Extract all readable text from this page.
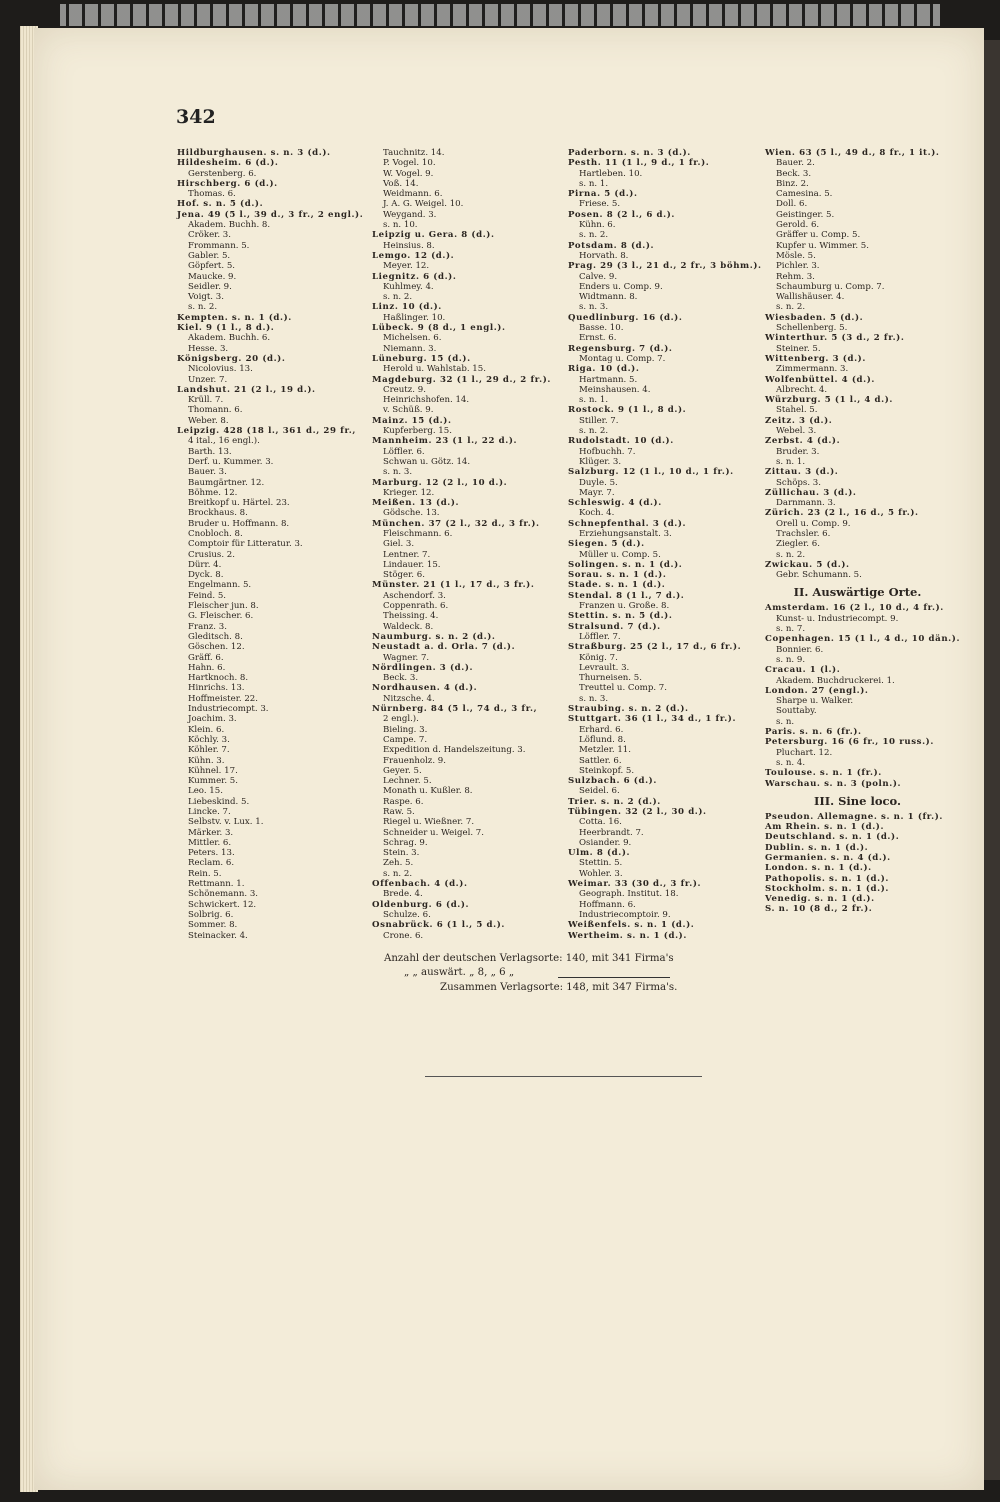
342
Hildburghausen. s. n. 3 (d.).
Hildesheim. 6 (d.).
Gerstenberg. 6.
Hirschberg. 6 (d.).
Thomas. 6.
Hof. s. n. 5 (d.).
Jena. 49 (5 l., 39 d., 3 fr., 2 engl.).
Akadem. Buchh. 8.
Cröker. 3.
Frommann. 5.
Gabler. 5.
Göpfert. 5.
Maucke. 9.
Seidler. 9.
Voigt. 3.
s. n. 2.
Kempten. s. n. 1 (d.).
Kiel. 9 (1 l., 8 d.).
Akadem. Buchh. 6.
Hesse. 3.
Königsberg. 20 (d.).
Nicolovius. 13.
Unzer. 7.
Landshut. 21 (2 l., 19 d.).
Krüll. 7.
Thomann. 6.
Weber. 8.
Leipzig. 428 (18 l., 361 d., 29 fr.,
4 ital., 16 engl.).
Barth. 13.
Derf. u. Kummer. 3.
Bauer. 3.
Baumgärtner. 12.
Böhme. 12.
Breitkopf u. Härtel. 23.
Brockhaus. 8.
Bruder u. Hoffmann. 8.
Cnobloch. 8.
Comptoir für Litteratur. 3.
Crusius. 2.
Dürr. 4.
Dyck. 8.
Engelmann. 5.
Feind. 5.
Fleischer jun. 8.
G. Fleischer. 6.
Franz. 3.
Gleditsch. 8.
Göschen. 12.
Gräff. 6.
Hahn. 6.
Hartknoch. 8.
Hinrichs. 13.
Hoffmeister. 22.
Industriecompt. 3.
Joachim. 3.
Klein. 6.
Köchly. 3.
Köhler. 7.
Kühn. 3.
Kühnel. 17.
Kummer. 5.
Leo. 15.
Liebeskind. 5.
Lincke. 7.
Selbstv. v. Lux. 1.
Märker. 3.
Mittler. 6.
Peters. 13.
Reclam. 6.
Rein. 5.
Rettmann. 1.
Schönemann. 3.
Schwickert. 12.
Solbrig. 6.
Sommer. 8.
Steinacker. 4.
Tauchnitz. 14.
P. Vogel. 10.
W. Vogel. 9.
Voß. 14.
Weidmann. 6.
J. A. G. Weigel. 10.
Weygand. 3.
s. n. 10.
Leipzig u. Gera. 8 (d.).
Heinsius. 8.
Lemgo. 12 (d.).
Meyer. 12.
Liegnitz. 6 (d.).
Kuhlmey. 4.
s. n. 2.
Linz. 10 (d.).
Haßlinger. 10.
Lübeck. 9 (8 d., 1 engl.).
Michelsen. 6.
Niemann. 3.
Lüneburg. 15 (d.).
Herold u. Wahlstab. 15.
Magdeburg. 32 (1 l., 29 d., 2 fr.).
Creutz. 9.
Heinrichshofen. 14.
v. Schüß. 9.
Mainz. 15 (d.).
Kupferberg. 15.
Mannheim. 23 (1 l., 22 d.).
Löffler. 6.
Schwan u. Götz. 14.
s. n. 3.
Marburg. 12 (2 l., 10 d.).
Krieger. 12.
Meißen. 13 (d.).
Gödsche. 13.
München. 37 (2 l., 32 d., 3 fr.).
Fleischmann. 6.
Giel. 3.
Lentner. 7.
Lindauer. 15.
Stöger. 6.
Münster. 21 (1 l., 17 d., 3 fr.).
Aschendorf. 3.
Coppenrath. 6.
Theissing. 4.
Waldeck. 8.
Naumburg. s. n. 2 (d.).
Neustadt a. d. Orla. 7 (d.).
Wagner. 7.
Nördlingen. 3 (d.).
Beck. 3.
Nordhausen. 4 (d.).
Nitzsche. 4.
Nürnberg. 84 (5 l., 74 d., 3 fr.,
2 engl.).
Bieling. 3.
Campe. 7.
Expedition d. Handelszeitung. 3.
Frauenholz. 9.
Geyer. 5.
Lechner. 5.
Monath u. Kußler. 8.
Raspe. 6.
Raw. 5.
Riegel u. Wießner. 7.
Schneider u. Weigel. 7.
Schrag. 9.
Stein. 3.
Zeh. 5.
s. n. 2.
Offenbach. 4 (d.).
Brede. 4.
Oldenburg. 6 (d.).
Schulze. 6.
Osnabrück. 6 (1 l., 5 d.).
Crone. 6.
Paderborn. s. n. 3 (d.).
Pesth. 11 (1 l., 9 d., 1 fr.).
Hartleben. 10.
s. n. 1.
Pirna. 5 (d.).
Friese. 5.
Posen. 8 (2 l., 6 d.).
Kühn. 6.
s. n. 2.
Potsdam. 8 (d.).
Horvath. 8.
Prag. 29 (3 l., 21 d., 2 fr., 3 böhm.).
Calve. 9.
Enders u. Comp. 9.
Widtmann. 8.
s. n. 3.
Quedlinburg. 16 (d.).
Basse. 10.
Ernst. 6.
Regensburg. 7 (d.).
Montag u. Comp. 7.
Riga. 10 (d.).
Hartmann. 5.
Meinshausen. 4.
s. n. 1.
Rostock. 9 (1 l., 8 d.).
Stiller. 7.
s. n. 2.
Rudolstadt. 10 (d.).
Hofbuchh. 7.
Klüger. 3.
Salzburg. 12 (1 l., 10 d., 1 fr.).
Duyle. 5.
Mayr. 7.
Schleswig. 4 (d.).
Koch. 4.
Schnepfenthal. 3 (d.).
Erziehungsanstalt. 3.
Siegen. 5 (d.).
Müller u. Comp. 5.
Solingen. s. n. 1 (d.).
Sorau. s. n. 1 (d.).
Stade. s. n. 1 (d.).
Stendal. 8 (1 l., 7 d.).
Franzen u. Große. 8.
Stettin. s. n. 5 (d.).
Stralsund. 7 (d.).
Löffler. 7.
Straßburg. 25 (2 l., 17 d., 6 fr.).
König. 7.
Levrault. 3.
Thurneisen. 5.
Treuttel u. Comp. 7.
s. n. 3.
Straubing. s. n. 2 (d.).
Stuttgart. 36 (1 l., 34 d., 1 fr.).
Erhard. 6.
Löflund. 8.
Metzler. 11.
Sattler. 6.
Steinkopf. 5.
Sulzbach. 6 (d.).
Seidel. 6.
Trier. s. n. 2 (d.).
Tübingen. 32 (2 l., 30 d.).
Cotta. 16.
Heerbrandt. 7.
Osiander. 9.
Ulm. 8 (d.).
Stettin. 5.
Wohler. 3.
Weimar. 33 (30 d., 3 fr.).
Geograph. Institut. 18.
Hoffmann. 6.
Industriecomptoir. 9.
Weißenfels. s. n. 1 (d.).
Wertheim. s. n. 1 (d.).
Wien. 63 (5 l., 49 d., 8 fr., 1 it.).
Bauer. 2.
Beck. 3.
Binz. 2.
Camesina. 5.
Doll. 6.
Geistinger. 5.
Gerold. 6.
Gräffer u. Comp. 5.
Kupfer u. Wimmer. 5.
Mösle. 5.
Pichler. 3.
Rehm. 3.
Schaumburg u. Comp. 7.
Wallishäuser. 4.
s. n. 2.
Wiesbaden. 5 (d.).
Schellenberg. 5.
Winterthur. 5 (3 d., 2 fr.).
Steiner. 5.
Wittenberg. 3 (d.).
Zimmermann. 3.
Wolfenbüttel. 4 (d.).
Albrecht. 4.
Würzburg. 5 (1 l., 4 d.).
Stahel. 5.
Zeitz. 3 (d.).
Webel. 3.
Zerbst. 4 (d.).
Bruder. 3.
s. n. 1.
Zittau. 3 (d.).
Schöps. 3.
Züllichau. 3 (d.).
Darnmann. 3.
Zürich. 23 (2 l., 16 d., 5 fr.).
Orell u. Comp. 9.
Trachsler. 6.
Ziegler. 6.
s. n. 2.
Zwickau. 5 (d.).
Gebr. Schumann. 5.
II. Auswärtige Orte.
Amsterdam. 16 (2 l., 10 d., 4 fr.).
Kunst- u. Industriecompt. 9.
s. n. 7.
Copenhagen. 15 (1 l., 4 d., 10 dän.).
Bonnier. 6.
s. n. 9.
Cracau. 1 (l.).
Akadem. Buchdruckerei. 1.
London. 27 (engl.).
Sharpe u. Walker.
Souttaby.
s. n.
Paris. s. n. 6 (fr.).
Petersburg. 16 (6 fr., 10 russ.).
Pluchart. 12.
s. n. 4.
Toulouse. s. n. 1 (fr.).
Warschau. s. n. 3 (poln.).
III. Sine loco.
Pseudon. Allemagne. s. n. 1 (fr.).
Am Rhein. s. n. 1 (d.).
Deutschland. s. n. 1 (d.).
Dublin. s. n. 1 (d.).
Germanien. s. n. 4 (d.).
London. s. n. 1 (d.).
Pathopolis. s. n. 1 (d.).
Stockholm. s. n. 1 (d.).
Venedig. s. n. 1 (d.).
S. n. 10 (8 d., 2 fr.).
Anzahl der deutschen Verlagsorte: 140, mit 341 Firma's
„ „ auswärt. „ 8, „ 6 „
Zusammen Verlagsorte: 148, mit 347 Firma's.
